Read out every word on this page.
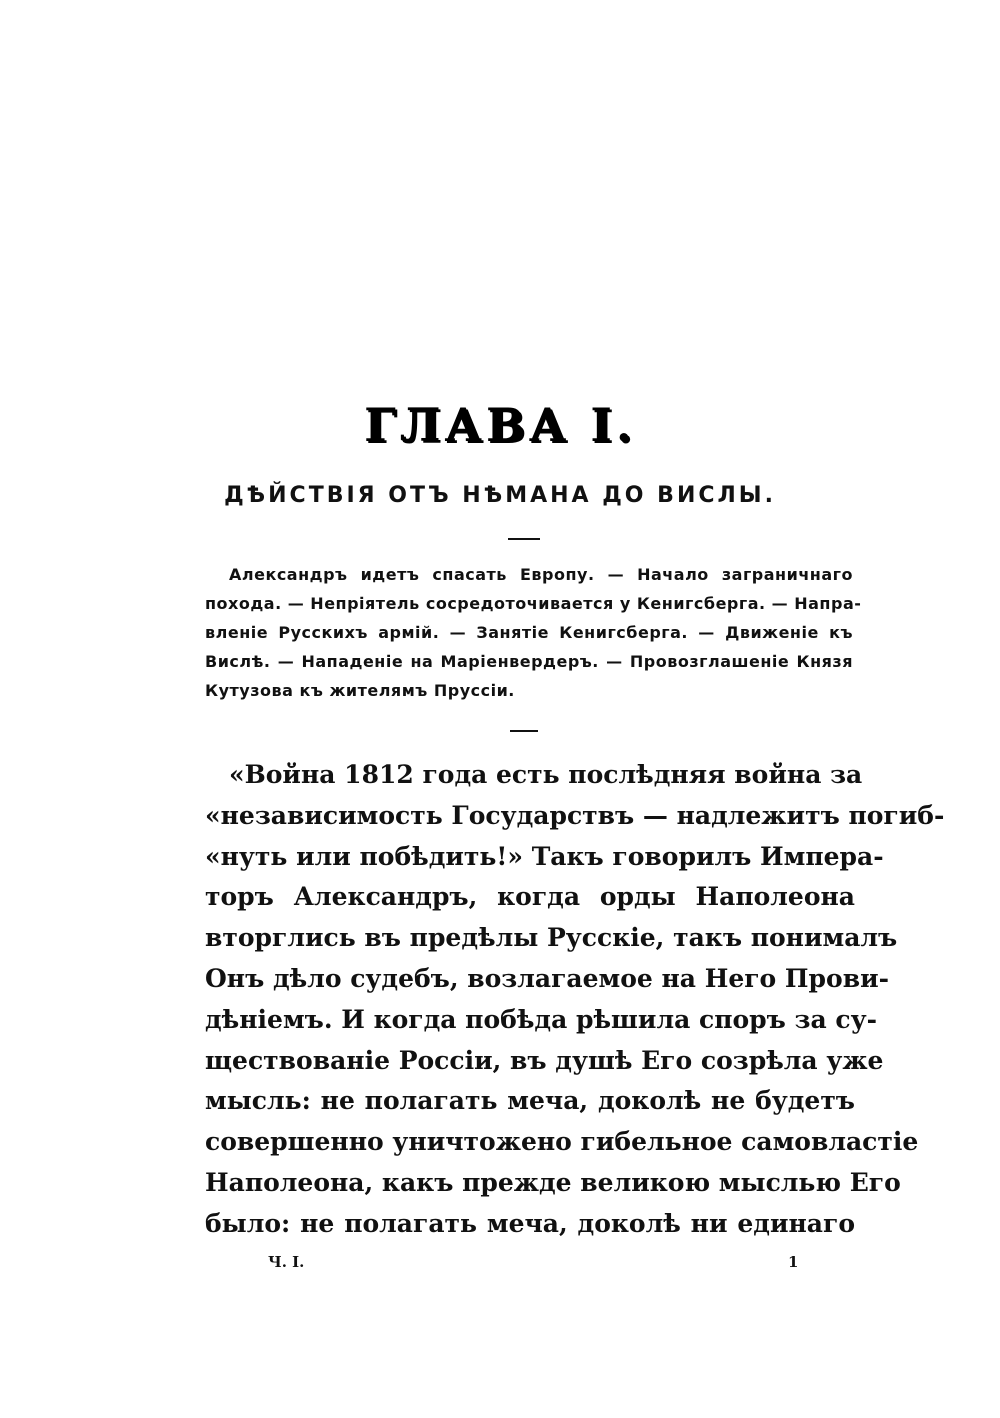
ГЛАВА I.
ДѢЙСТВІЯ ОТЪ НѢМАНА ДО ВИСЛЫ.
Александръ идетъ спасать Европу. — Начало заграничнаго
похода. — Непріятель сосредоточивается у Кенигсберга. — Напра-
вленіе Русскихъ армій. — Занятіе Кенигсберга. — Движеніе къ
Вислѣ. — Нападеніе на Маріенвердеръ. — Провозглашеніе Князя
Кутузова къ жителямъ Пруссіи.
«Война 1812 года есть послѣдняя война за
«независимость Государствъ — надлежитъ погиб-
«нуть или побѣдить!» Такъ говорилъ Импера-
торъ Александръ, когда орды Наполеона
вторглись въ предѣлы Русскіе, такъ понималъ
Онъ дѣло судебъ, возлагаемое на Него Прови-
дѣніемъ. И когда побѣда рѣшила споръ за су-
ществованіе Россіи, въ душѣ Его созрѣла уже
мысль: не полагать меча, доколѣ не будетъ
совершенно уничтожено гибельное самовластіе
Наполеона, какъ прежде великою мыслью Его
было: не полагать меча, доколѣ ни единаго
Ч. I.	1
